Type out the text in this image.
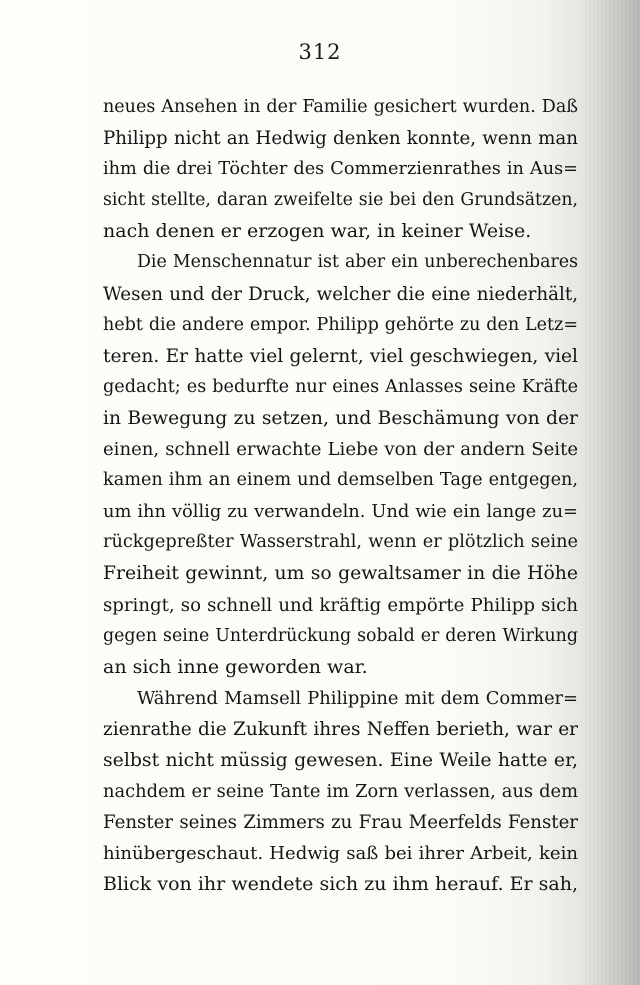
312
neues Ansehen in der Familie gesichert wurden. Daß
Philipp nicht an Hedwig denken konnte, wenn man
ihm die drei Töchter des Commerzienrathes in Aus=
sicht stellte, daran zweifelte sie bei den Grundsätzen,
nach denen er erzogen war, in keiner Weise.
Die Menschennatur ist aber ein unberechenbares
Wesen und der Druck, welcher die eine niederhält,
hebt die andere empor. Philipp gehörte zu den Letz=
teren. Er hatte viel gelernt, viel geschwiegen, viel
gedacht; es bedurfte nur eines Anlasses seine Kräfte
in Bewegung zu setzen, und Beschämung von der
einen, schnell erwachte Liebe von der andern Seite
kamen ihm an einem und demselben Tage entgegen,
um ihn völlig zu verwandeln. Und wie ein lange zu=
rückgepreßter Wasserstrahl, wenn er plötzlich seine
Freiheit gewinnt, um so gewaltsamer in die Höhe
springt, so schnell und kräftig empörte Philipp sich
gegen seine Unterdrückung sobald er deren Wirkung
an sich inne geworden war.
Während Mamsell Philippine mit dem Commer=
zienrathe die Zukunft ihres Neffen berieth, war er
selbst nicht müssig gewesen. Eine Weile hatte er,
nachdem er seine Tante im Zorn verlassen, aus dem
Fenster seines Zimmers zu Frau Meerfelds Fenster
hinübergeschaut. Hedwig saß bei ihrer Arbeit, kein
Blick von ihr wendete sich zu ihm herauf. Er sah,
